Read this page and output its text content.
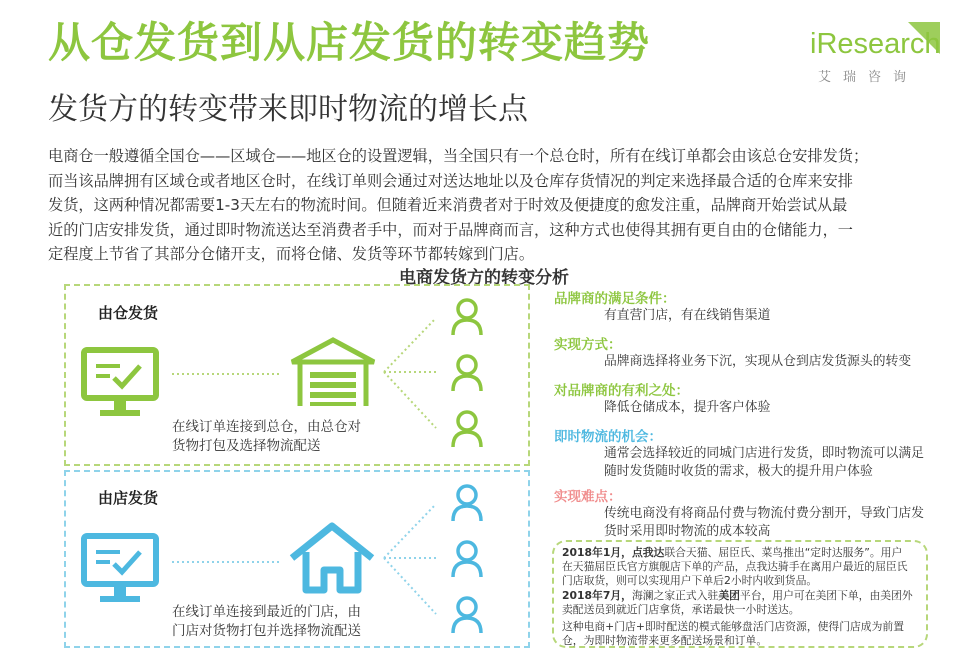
从仓发货到从店发货的转变趋势
发货方的转变带来即时物流的增长点
iResearch
艾瑞咨询

电商仓一般遵循全国仓——区域仓——地区仓的设置逻辑，当全国只有一个总仓时，所有在线订单都会由该总仓安排发货；

而当该品牌拥有区域仓或者地区仓时，在线订单则会通过对送达地址以及仓库存货情况的判定来选择最合适的仓库来安排

发货，这两种情况都需要1-3天左右的物流时间。但随着近来消费者对于时效及便捷度的愈发注重，品牌商开始尝试从最

近的门店安排发货，通过即时物流送达至消费者手中，而对于品牌商而言，这种方式也使得其拥有更自由的仓储能力，一

定程度上节省了其部分仓储开支，而将仓储、发货等环节都转嫁到门店。

电商发货方的转变分析
由仓发货
在线订单连接到总仓，由总仓对
货物打包及选择物流配送
由店发货
在线订单连接到最近的门店，由
门店对货物打包并选择物流配送
品牌商的满足条件：
有直营门店，有在线销售渠道
实现方式：
品牌商选择将业务下沉，实现从仓到店发货源头的转变
对品牌商的有利之处：
降低仓储成本，提升客户体验
即时物流的机会：
通常会选择较近的同城门店进行发货，即时物流可以满足
随时发货随时收货的需求，极大的提升用户体验
实现难点：
传统电商没有将商品付费与物流付费分割开，导致门店发
货时采用即时物流的成本较高

2018年1月，点我达联合天猫、屈臣氏、菜鸟推出“定时达服务”。用户

在天猫屈臣氏官方旗舰店下单的产品，点我达骑手在离用户最近的屈臣氏

门店取货，则可以实现用户下单后2小时内收到货品。

2018年7月，海澜之家正式入驻美团平台，用户可在美团下单，由美团外

卖配送员到就近门店拿货，承诺最快一小时送达。

这种电商+门店+即时配送的模式能够盘活门店资源，使得门店成为前置

仓，为即时物流带来更多配送场景和订单。
